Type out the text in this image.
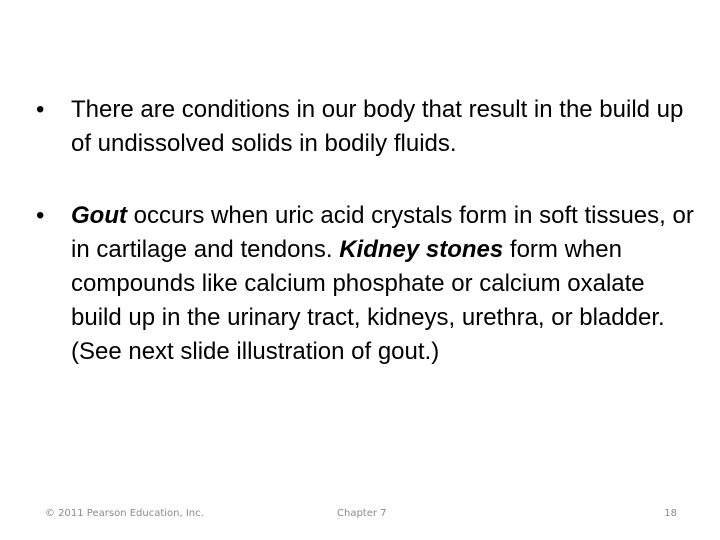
• There are conditions in our body that result in the build up of undissolved solids in bodily fluids.
• Gout occurs when uric acid crystals form in soft tissues, or in cartilage and tendons. Kidney stones form when compounds like calcium phosphate or calcium oxalate build up in the urinary tract, kidneys, urethra, or bladder. (See next slide illustration of gout.)
© 2011 Pearson Education, Inc.	Chapter 7	18
